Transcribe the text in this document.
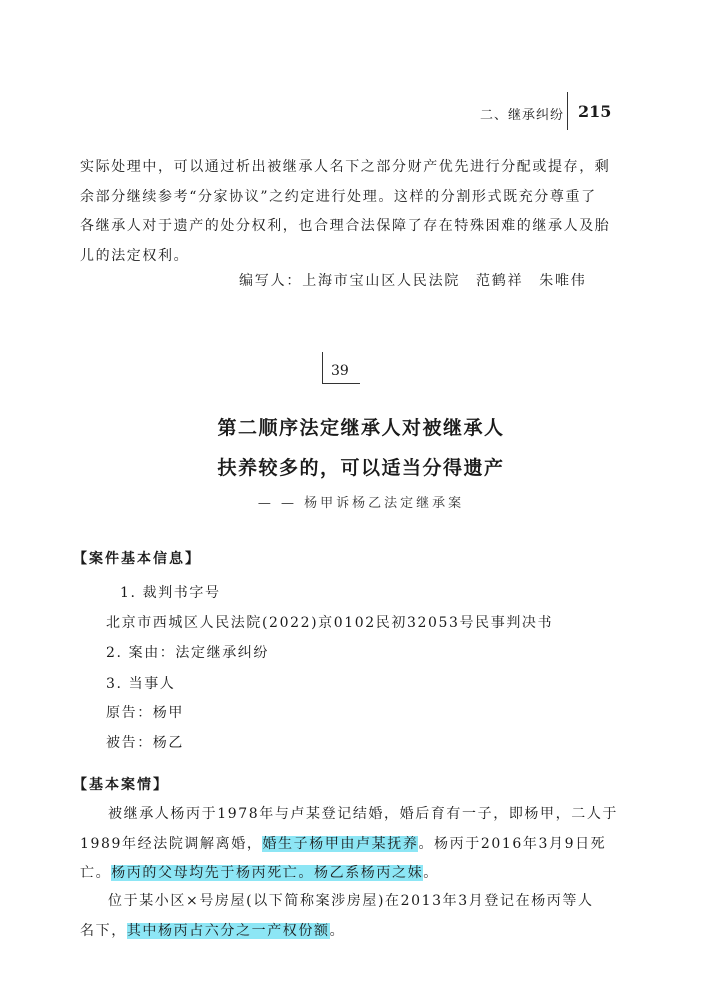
二、继承纠纷 215
实际处理中，可以通过析出被继承人名下之部分财产优先进行分配或提存，剩
余部分继续参考“分家协议”之约定进行处理。这样的分割形式既充分尊重了
各继承人对于遗产的处分权利，也合理合法保障了存在特殊困难的继承人及胎
儿的法定权利。
编写人：上海市宝山区人民法院　范鹤祥　朱唯伟
39
第二顺序法定继承人对被继承人
扶养较多的，可以适当分得遗产
— — 杨甲诉杨乙法定继承案
【案件基本信息】
1. 裁判书字号
北京市西城区人民法院(2022)京0102民初32053号民事判决书
2. 案由：法定继承纠纷
3. 当事人
原告：杨甲
被告：杨乙
【基本案情】
被继承人杨丙于1978年与卢某登记结婚，婚后育有一子，即杨甲，二人于
1989年经法院调解离婚，婚生子杨甲由卢某抚养。杨丙于2016年3月9日死
亡。杨丙的父母均先于杨丙死亡。杨乙系杨丙之妹。
位于某小区×号房屋(以下简称案涉房屋)在2013年3月登记在杨丙等人
名下，其中杨丙占六分之一产权份额。
